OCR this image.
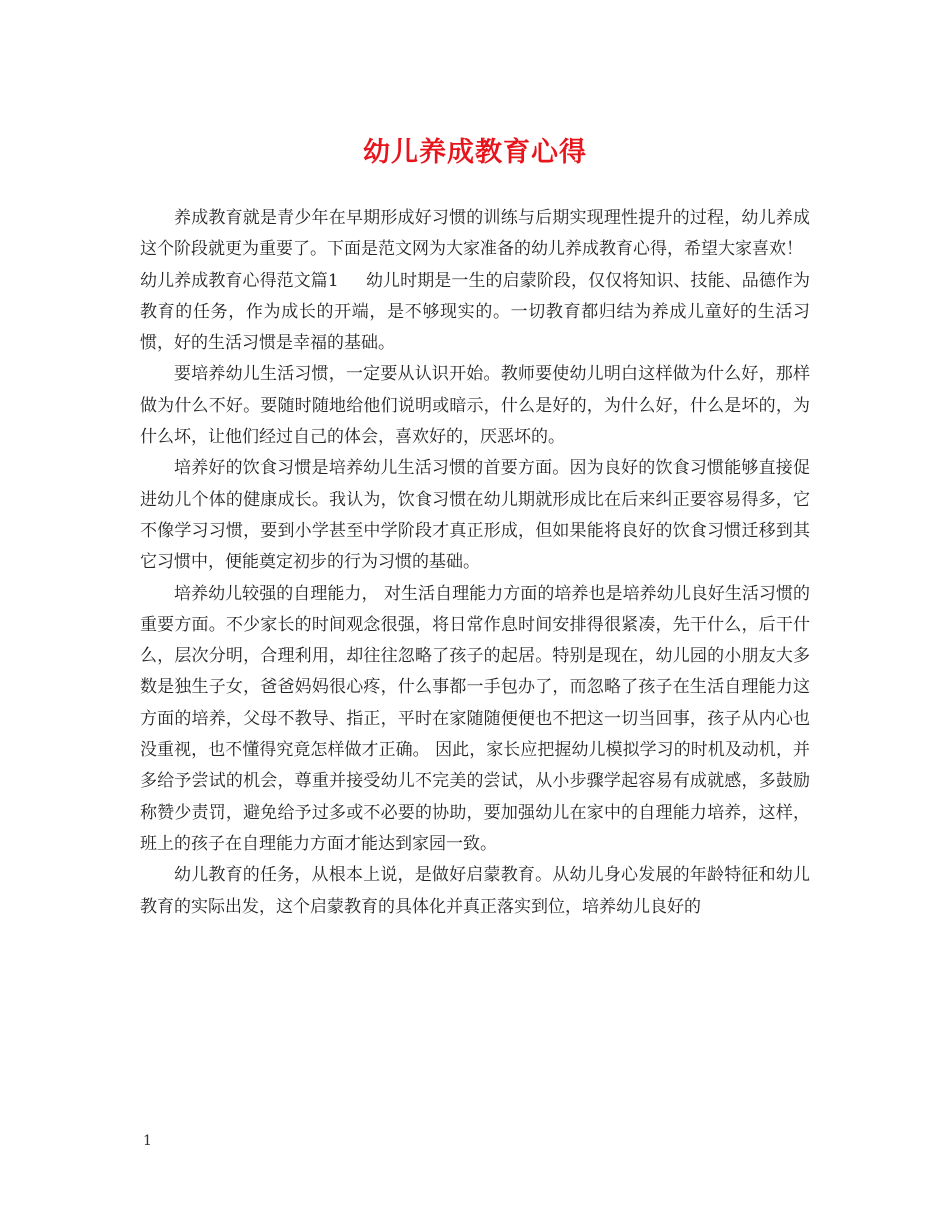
幼儿养成教育心得

养成教育就是青少年在早期形成好习惯的训练与后期实现理性提升的过程，幼儿养成这个阶段就更为重要了。下面是范文网为大家准备的幼儿养成教育心得，希望大家喜欢！

幼儿养成教育心得范文篇1 幼儿时期是一生的启蒙阶段，仅仅将知识、技能、品德作为教育的任务，作为成长的开端，是不够现实的。一切教育都归结为养成儿童好的生活习惯，好的生活习惯是幸福的基础。

要培养幼儿生活习惯，一定要从认识开始。教师要使幼儿明白这样做为什么好，那样做为什么不好。要随时随地给他们说明或暗示，什么是好的，为什么好，什么是坏的，为什么坏，让他们经过自己的体会，喜欢好的，厌恶坏的。

培养好的饮食习惯是培养幼儿生活习惯的首要方面。因为良好的饮食习惯能够直接促进幼儿个体的健康成长。我认为，饮食习惯在幼儿期就形成比在后来纠正要容易得多，它不像学习习惯，要到小学甚至中学阶段才真正形成，但如果能将良好的饮食习惯迁移到其它习惯中，便能奠定初步的行为习惯的基础。

培养幼儿较强的自理能力， 对生活自理能力方面的培养也是培养幼儿良好生活习惯的重要方面。不少家长的时间观念很强，将日常作息时间安排得很紧凑，先干什么，后干什么，层次分明，合理利用，却往往忽略了孩子的起居。特别是现在，幼儿园的小朋友大多数是独生子女，爸爸妈妈很心疼，什么事都一手包办了，而忽略了孩子在生活自理能力这方面的培养，父母不教导、指正，平时在家随随便便也不把这一切当回事，孩子从内心也没重视，也不懂得究竟怎样做才正确。 因此，家长应把握幼儿模拟学习的时机及动机，并多给予尝试的机会，尊重并接受幼儿不完美的尝试，从小步骤学起容易有成就感，多鼓励称赞少责罚，避免给予过多或不必要的协助，要加强幼儿在家中的自理能力培养，这样，班上的孩子在自理能力方面才能达到家园一致。

幼儿教育的任务，从根本上说，是做好启蒙教育。从幼儿身心发展的年龄特征和幼儿教育的实际出发，这个启蒙教育的具体化并真正落实到位，培养幼儿良好的

1
